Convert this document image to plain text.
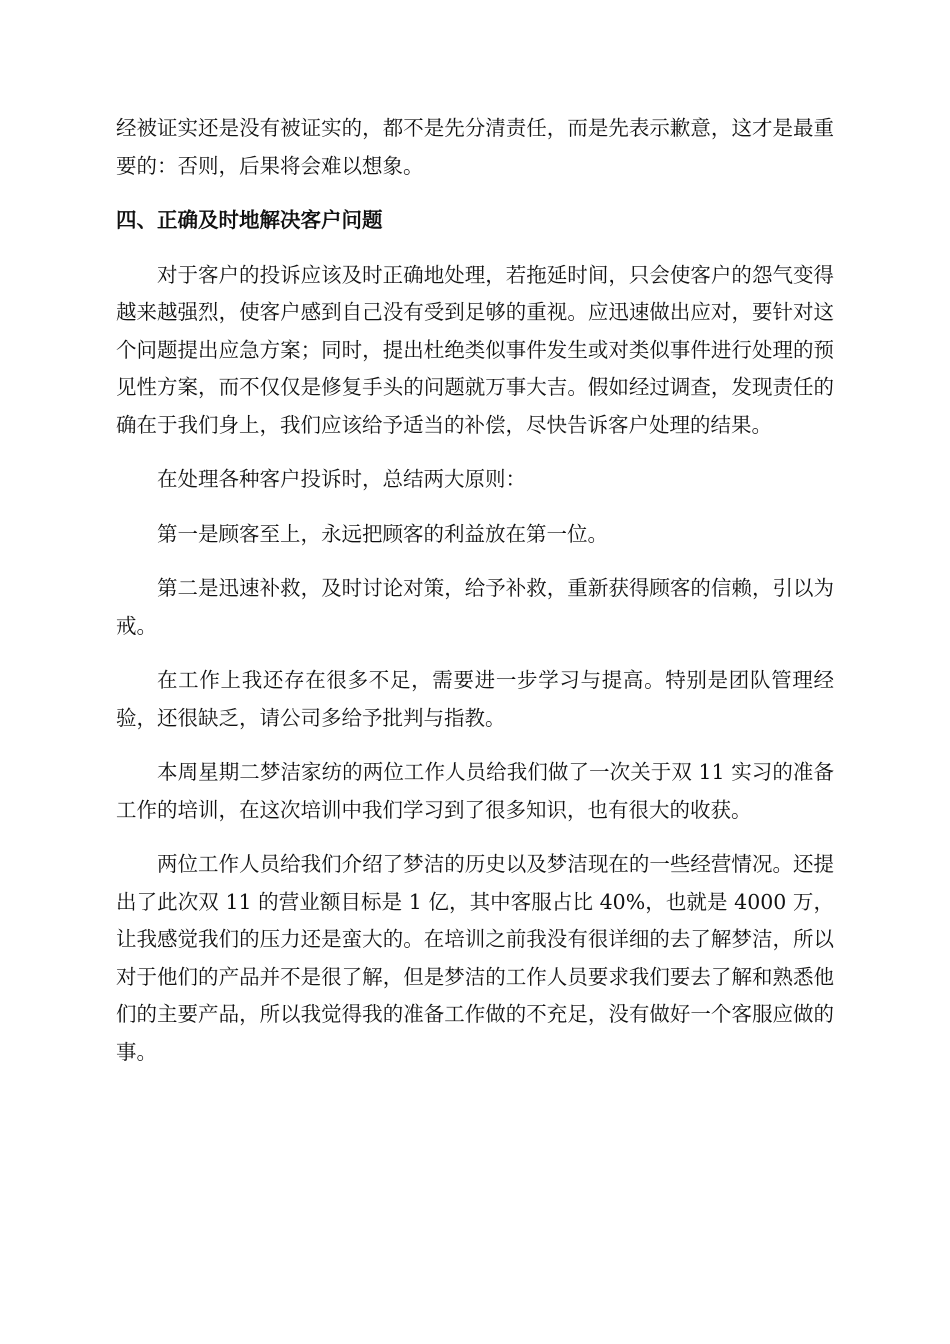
经被证实还是没有被证实的，都不是先分清责任，而是先表示歉意，这才是最重要的：否则，后果将会难以想象。

四、正确及时地解决客户问题

对于客户的投诉应该及时正确地处理，若拖延时间，只会使客户的怨气变得越来越强烈，使客户感到自己没有受到足够的重视。应迅速做出应对，要针对这个问题提出应急方案；同时，提出杜绝类似事件发生或对类似事件进行处理的预见性方案，而不仅仅是修复手头的问题就万事大吉。假如经过调查，发现责任的确在于我们身上，我们应该给予适当的补偿，尽快告诉客户处理的结果。

在处理各种客户投诉时，总结两大原则：

第一是顾客至上，永远把顾客的利益放在第一位。

第二是迅速补救，及时讨论对策，给予补救，重新获得顾客的信赖，引以为戒。

在工作上我还存在很多不足，需要进一步学习与提高。特别是团队管理经验，还很缺乏，请公司多给予批判与指教。

本周星期二梦洁家纺的两位工作人员给我们做了一次关于双 11 实习的准备工作的培训，在这次培训中我们学习到了很多知识，也有很大的收获。

两位工作人员给我们介绍了梦洁的历史以及梦洁现在的一些经营情况。还提出了此次双 11 的营业额目标是 1 亿，其中客服占比 40%，也就是 4000 万，让我感觉我们的压力还是蛮大的。在培训之前我没有很详细的去了解梦洁，所以对于他们的产品并不是很了解，但是梦洁的工作人员要求我们要去了解和熟悉他们的主要产品，所以我觉得我的准备工作做的不充足，没有做好一个客服应做的事。
